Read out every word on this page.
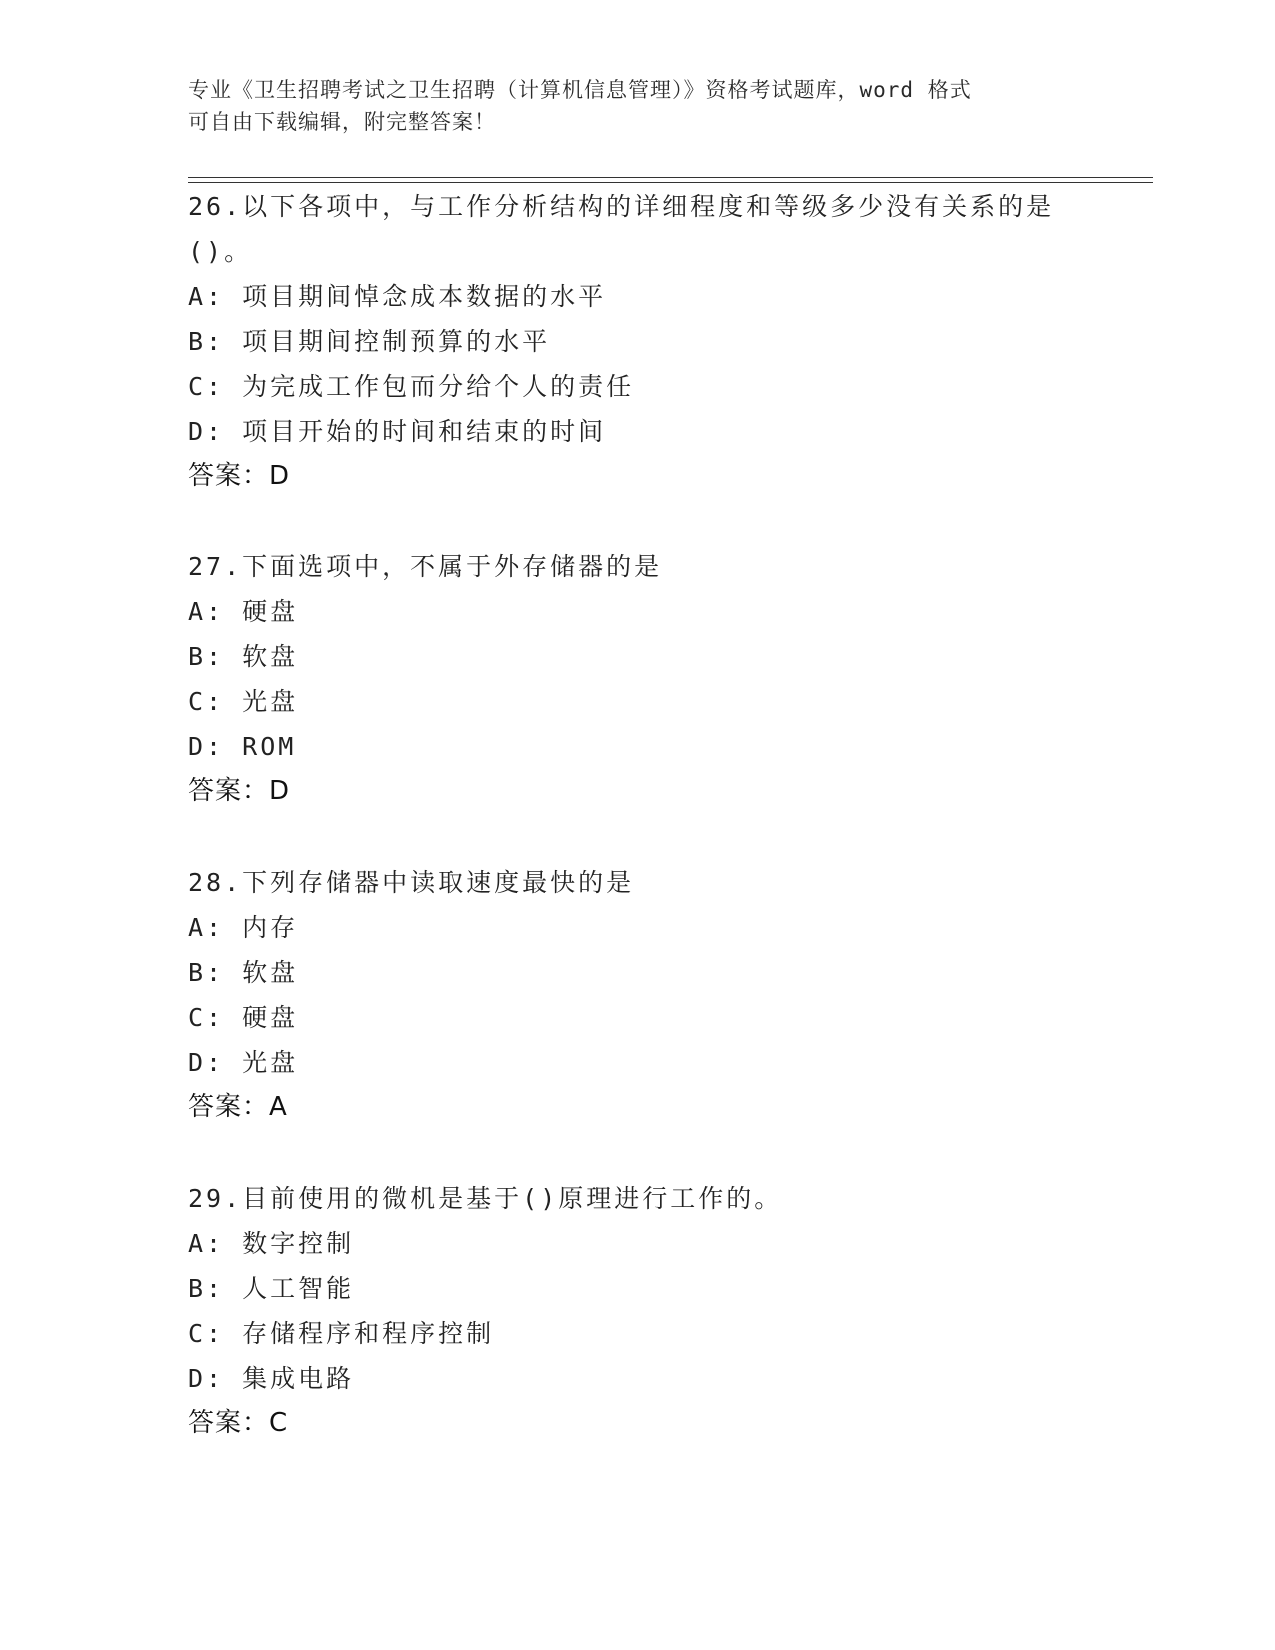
专业《卫生招聘考试之卫生招聘（计算机信息管理）》资格考试题库，word 格式
可自由下载编辑，附完整答案！
26.以下各项中，与工作分析结构的详细程度和等级多少没有关系的是
()。
A: 项目期间悼念成本数据的水平
B: 项目期间控制预算的水平
C: 为完成工作包而分给个人的责任
D: 项目开始的时间和结束的时间
答案：D
27.下面选项中，不属于外存储器的是
A: 硬盘
B: 软盘
C: 光盘
D: ROM
答案：D
28.下列存储器中读取速度最快的是
A: 内存
B: 软盘
C: 硬盘
D: 光盘
答案：A
29.目前使用的微机是基于()原理进行工作的。
A: 数字控制
B: 人工智能
C: 存储程序和程序控制
D: 集成电路
答案：C
